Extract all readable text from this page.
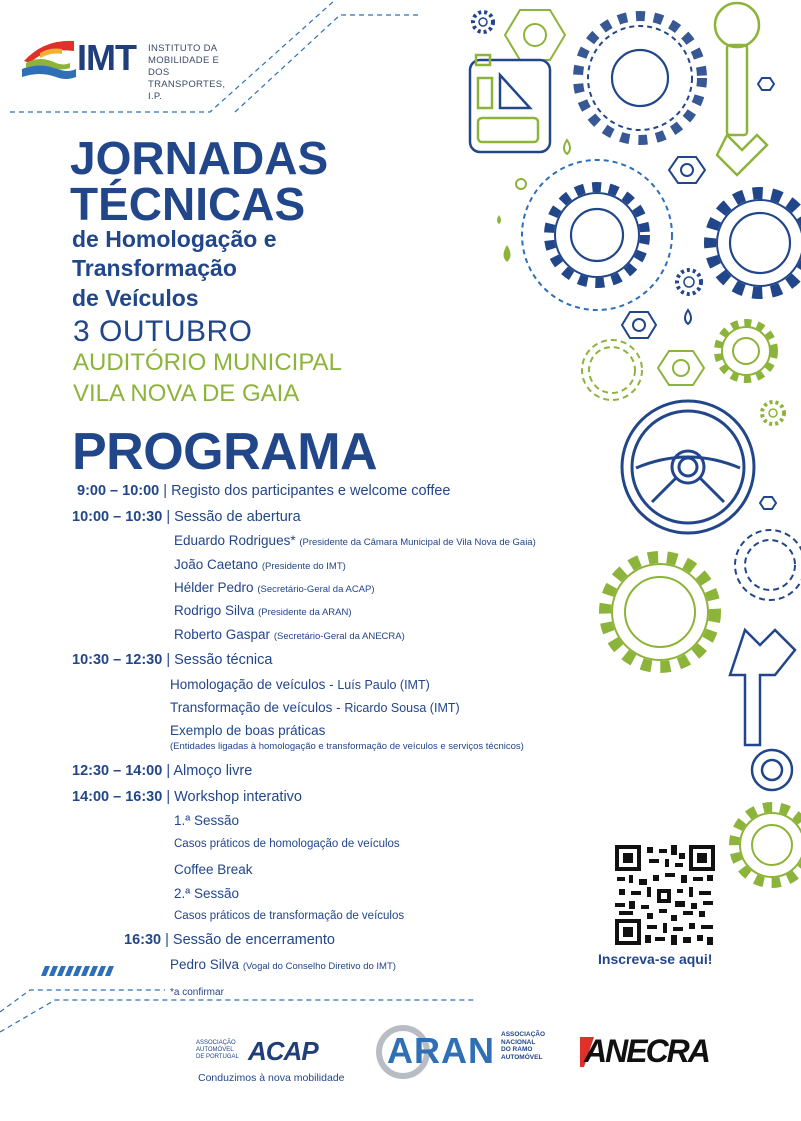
IMT INSTITUTO DA
MOBILIDADE E DOS
TRANSPORTES, I.P.
JORNADAS
TÉCNICAS
de Homologação e
Transformação
de Veículos
3 OUTUBRO
AUDITÓRIO MUNICIPAL
VILA NOVA DE GAIA
PROGRAMA
9:00 – 10:00 | Registo dos participantes e welcome coffee
10:00 – 10:30 | Sessão de abertura
Eduardo Rodrigues* (Presidente da Câmara Municipal de Vila Nova de Gaia)
João Caetano (Presidente do IMT)
Hélder Pedro (Secretário-Geral da ACAP)
Rodrigo Silva (Presidente da ARAN)
Roberto Gaspar (Secretário-Geral da ANECRA)
10:30 – 12:30 | Sessão técnica
Homologação de veículos - Luís Paulo (IMT)
Transformação de veículos - Ricardo Sousa (IMT)
Exemplo de boas práticas
(Entidades ligadas à homologação e transformação de veículos e serviços técnicos)
12:30 – 14:00 | Almoço livre
14:00 – 16:30 | Workshop interativo
1.ª Sessão
Casos práticos de homologação de veículos
Coffee Break
2.ª Sessão
Casos práticos de transformação de veículos
16:30 | Sessão de encerramento
Pedro Silva (Vogal do Conselho Diretivo do IMT)
*a confirmar
Inscreva-se aqui!
ASSOCIAÇÃO
AUTOMÓVEL
DE PORTUGAL ACAP
Conduzimos à nova mobilidade
ARAN ASSOCIAÇÃO
NACIONAL
DO RAMO
AUTOMÓVEL ANECRA
